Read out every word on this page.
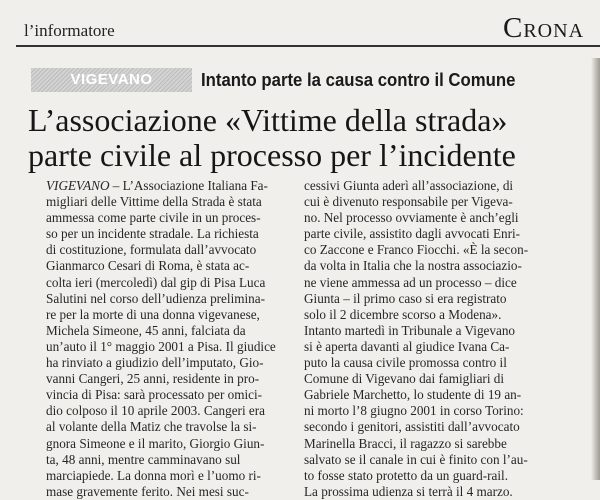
l’informatore	Crona
VIGEVANO	Intanto parte la causa contro il Comune
L’associazione «Vittime della strada»
parte civile al processo per l’incidente
VIGEVANO – L’Associazione Italiana Fa-
migliari delle Vittime della Strada è stata
ammessa come parte civile in un proces-
so per un incidente stradale. La richiesta
di costituzione, formulata dall’avvocato
Gianmarco Cesari di Roma, è stata ac-
colta ieri (mercoledì) dal gip di Pisa Luca
Salutini nel corso dell’udienza prelimina-
re per la morte di una donna vigevanese,
Michela Simeone, 45 anni, falciata da
un’auto il 1° maggio 2001 a Pisa. Il giudice
ha rinviato a giudizio dell’imputato, Gio-
vanni Cangeri, 25 anni, residente in pro-
vincia di Pisa: sarà processato per omici-
dio colposo il 10 aprile 2003. Cangeri era
al volante della Matiz che travolse la si-
gnora Simeone e il marito, Giorgio Giun-
ta, 48 anni, mentre camminavano sul
marciapiede. La donna morì e l’uomo ri-
mase gravemente ferito. Nei mesi suc-
cessivi Giunta aderì all’associazione, di
cui è divenuto responsabile per Vigeva-
no. Nel processo ovviamente è anch’egli
parte civile, assistito dagli avvocati Enri-
co Zaccone e Franco Fiocchi. «È la secon-
da volta in Italia che la nostra associazio-
ne viene ammessa ad un processo – dice
Giunta – il primo caso si era registrato
solo il 2 dicembre scorso a Modena».
Intanto martedì in Tribunale a Vigevano
si è aperta davanti al giudice Ivana Ca-
puto la causa civile promossa contro il
Comune di Vigevano dai famigliari di
Gabriele Marchetto, lo studente di 19 an-
ni morto l’8 giugno 2001 in corso Torino:
secondo i genitori, assistiti dall’avvocato
Marinella Bracci, il ragazzo si sarebbe
salvato se il canale in cui è finito con l’au-
to fosse stato protetto da un guard-rail.
La prossima udienza si terrà il 4 marzo.
